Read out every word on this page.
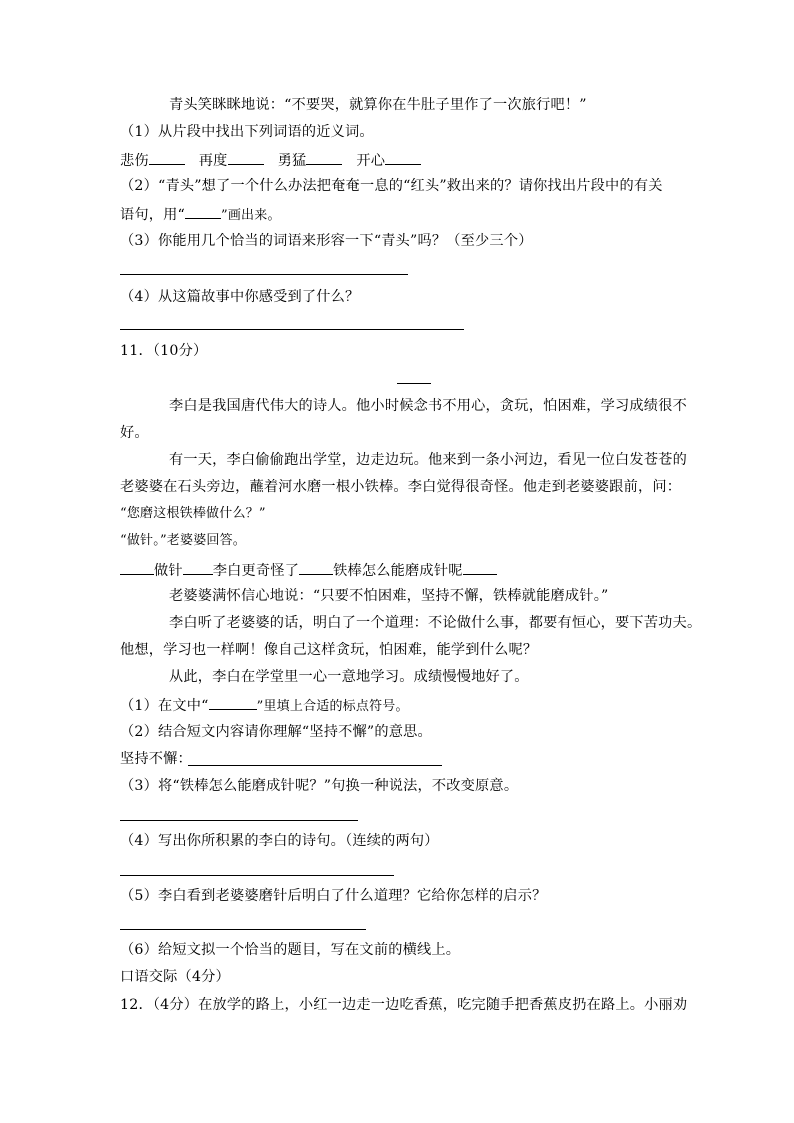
青头笑眯眯地说：“不要哭，就算你在牛肚子里作了一次旅行吧！”
（1）从片段中找出下列词语的近义词。
悲伤	再度	勇猛	开心
（2）“青头”想了一个什么办法把奄奄一息的“红头”救出来的？请你找出片段中的有关
语句，用“	”画出来。
（3）你能用几个恰当的词语来形容一下“青头”吗？（至少三个）
（4）从这篇故事中你感受到了什么？
11．（10分）
李白是我国唐代伟大的诗人。他小时候念书不用心，贪玩，怕困难，学习成绩很不
好。
有一天，李白偷偷跑出学堂，边走边玩。他来到一条小河边，看见一位白发苍苍的
老婆婆在石头旁边，蘸着河水磨一根小铁棒。李白觉得很奇怪。他走到老婆婆跟前，问：
“您磨这根铁棒做什么？”
“做针。”老婆婆回答。
做针 李白更奇怪了 铁棒怎么能磨成针呢
老婆婆满怀信心地说：“只要不怕困难，坚持不懈，铁棒就能磨成针。”
李白听了老婆婆的话，明白了一个道理：不论做什么事，都要有恒心，要下苦功夫。
他想，学习也一样啊！像自己这样贪玩，怕困难，能学到什么呢？
从此，李白在学堂里一心一意地学习。成绩慢慢地好了。
（1）在文中“	”里填上合适的标点符号。
（2）结合短文内容请你理解“坚持不懈”的意思。
坚持不懈：
（3）将“铁棒怎么能磨成针呢？”句换一种说法，不改变原意。
（4）写出你所积累的李白的诗句。（连续的两句）
（5）李白看到老婆婆磨针后明白了什么道理？它给你怎样的启示？
（6）给短文拟一个恰当的题目，写在文前的横线上。
口语交际（4分）
12．（4分）在放学的路上，小红一边走一边吃香蕉，吃完随手把香蕉皮扔在路上。小丽劝
